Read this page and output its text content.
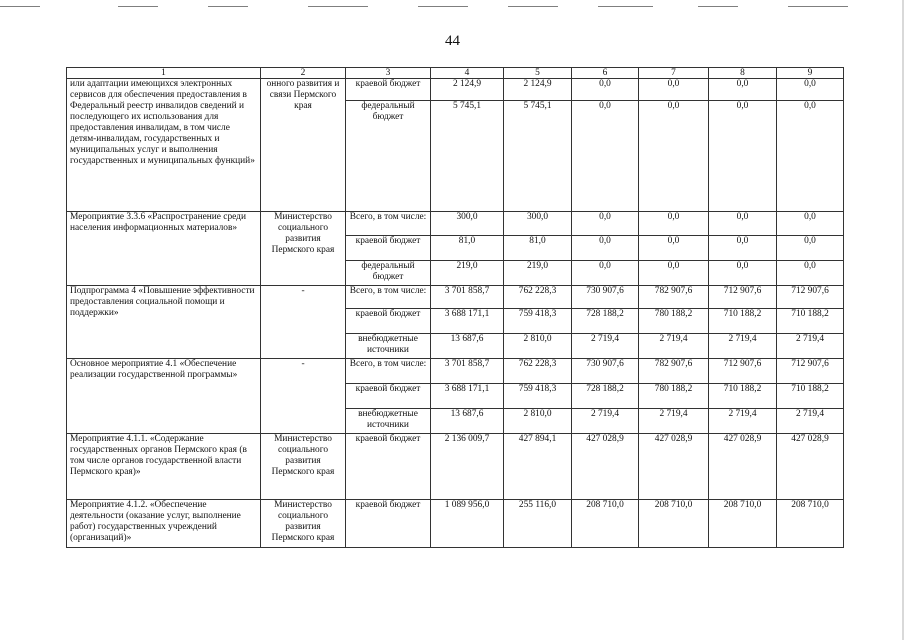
44
1	2	3	4	5	6	7	8	9
или адаптации имеющихся электронных сервисов для обеспечения предоставления в Федеральный реестр инвалидов сведений и последующего их использования для предоставления инвалидам, в том числе детям-инвалидам, государственных и муниципальных услуг и выполнения государственных и муниципальных функций»	онного развития и связи Пермского края	краевой бюджет	2 124,9	2 124,9	0,0	0,0	0,0	0,0
		федеральный бюджет	5 745,1	5 745,1	0,0	0,0	0,0	0,0
Мероприятие 3.3.6 «Распространение среди населения информационных материалов»	Министерство социального развития Пермского края	Всего, в том числе:	300,0	300,0	0,0	0,0	0,0	0,0
		краевой бюджет	81,0	81,0	0,0	0,0	0,0	0,0
		федеральный бюджет	219,0	219,0	0,0	0,0	0,0	0,0
Подпрограмма 4 «Повышение эффективности предоставления социальной помощи и поддержки»	-	Всего, в том числе:	3 701 858,7	762 228,3	730 907,6	782 907,6	712 907,6	712 907,6
		краевой бюджет	3 688 171,1	759 418,3	728 188,2	780 188,2	710 188,2	710 188,2
		внебюджетные источники	13 687,6	2 810,0	2 719,4	2 719,4	2 719,4	2 719,4
Основное мероприятие 4.1 «Обеспечение реализации государственной программы»	-	Всего, в том числе:	3 701 858,7	762 228,3	730 907,6	782 907,6	712 907,6	712 907,6
		краевой бюджет	3 688 171,1	759 418,3	728 188,2	780 188,2	710 188,2	710 188,2
		внебюджетные источники	13 687,6	2 810,0	2 719,4	2 719,4	2 719,4	2 719,4
Мероприятие 4.1.1. «Содержание государственных органов Пермского края (в том числе органов государственной власти Пермского края)»	Министерство социального развития Пермского края	краевой бюджет	2 136 009,7	427 894,1	427 028,9	427 028,9	427 028,9	427 028,9
Мероприятие 4.1.2. «Обеспечение деятельности (оказание услуг, выполнение работ) государственных учреждений (организаций)»	Министерство социального развития Пермского края	краевой бюджет	1 089 956,0	255 116,0	208 710,0	208 710,0	208 710,0	208 710,0
